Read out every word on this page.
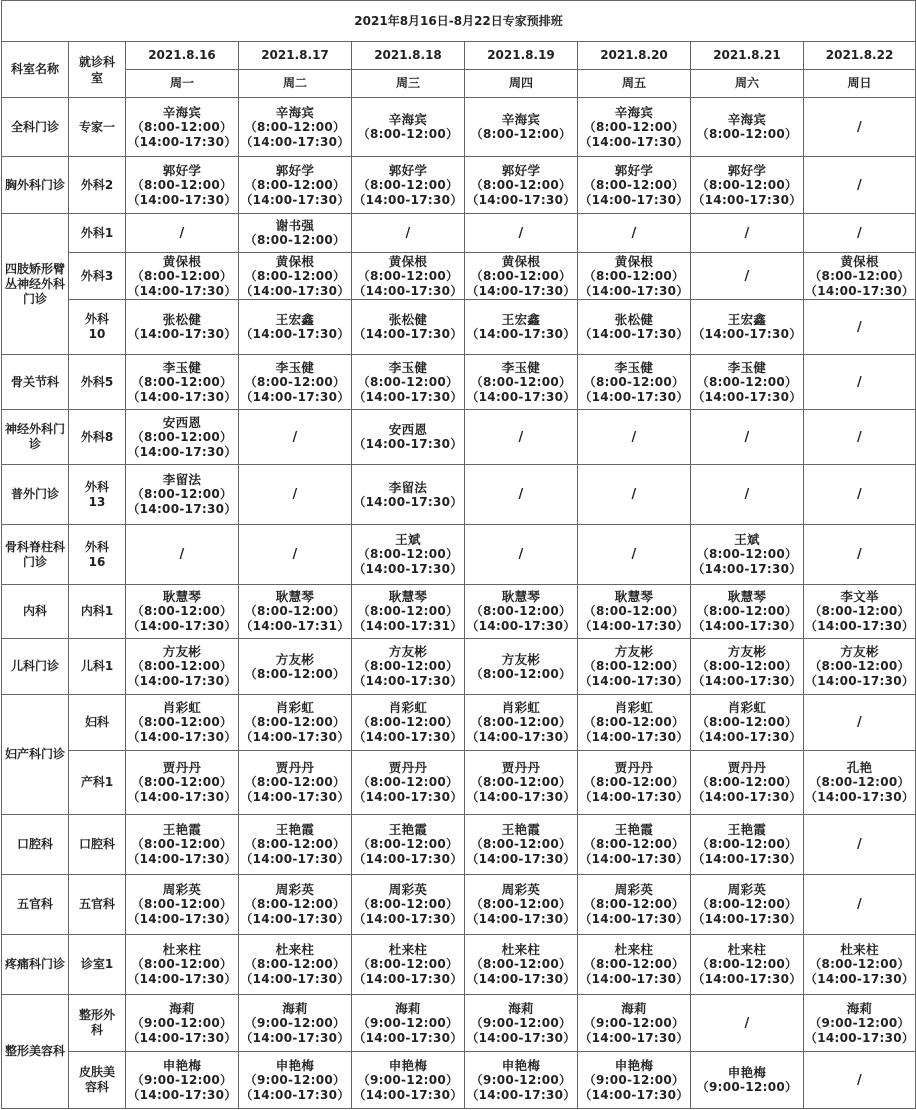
2021年8月16日-8月22日专家预排班								
科室名称	就诊科室	2021.8.16	2021.8.17	2021.8.18	2021.8.19	2021.8.20	2021.8.21	2021.8.22
		周一	周二	周三	周四	周五	周六	周日
全科门诊	专家一	辛海宾
（8:00-12:00）
（14:00-17:30）	辛海宾
（8:00-12:00）
（14:00-17:30）	辛海宾
（8:00-12:00）	辛海宾
（8:00-12:00）	辛海宾
（8:00-12:00）
（14:00-17:30）	辛海宾
（8:00-12:00）	/

胸外科门诊	外科2	郭好学
（8:00-12:00）
（14:00-17:30）	郭好学
（8:00-12:00）
（14:00-17:30）	郭好学
（8:00-12:00）
（14:00-17:30）	郭好学
（8:00-12:00）
（14:00-17:30）	郭好学
（8:00-12:00）
（14:00-17:30）	郭好学
（8:00-12:00）
（14:00-17:30）	/

四肢矫形臂丛神经外科门诊	外科1	/	谢书强
（8:00-12:00）	/	/	/	/	/

	外科3	黄保根
（8:00-12:00）
（14:00-17:30）	黄保根
（8:00-12:00）
（14:00-17:30）	黄保根
（8:00-12:00）
（14:00-17:30）	黄保根
（8:00-12:00）
（14:00-17:30）	黄保根
（8:00-12:00）
（14:00-17:30）	/	黄保根
（8:00-12:00）
（14:00-17:30）

	外科10	张松健
（14:00-17:30）	王宏鑫
（14:00-17:30）	张松健
（14:00-17:30）	王宏鑫
（14:00-17:30）	张松健
（14:00-17:30）	王宏鑫
（14:00-17:30）	/

骨关节科	外科5	李玉健
（8:00-12:00）
（14:00-17:30）	李玉健
（8:00-12:00）
（14:00-17:30）	李玉健
（8:00-12:00）
（14:00-17:30）	李玉健
（8:00-12:00）
（14:00-17:30）	李玉健
（8:00-12:00）
（14:00-17:30）	李玉健
（8:00-12:00）
（14:00-17:30）	/

神经外科门诊	外科8	安西恩
（8:00-12:00）
（14:00-17:30）	/	安西恩
（14:00-17:30）	/	/	/	/

普外门诊	外科13	李留法
（8:00-12:00）
（14:00-17:30）	/	李留法
（14:00-17:30）	/	/	/	/

骨科脊柱科门诊	外科16	/	/	王斌
（8:00-12:00）
（14:00-17:30）	/	/	王斌
（8:00-12:00）
（14:00-17:30）	/

内科	内科1	耿慧琴
（8:00-12:00）
（14:00-17:30）	耿慧琴
（8:00-12:00）
（14:00-17:31）	耿慧琴
（8:00-12:00）
（14:00-17:31）	耿慧琴
（8:00-12:00）
（14:00-17:30）	耿慧琴
（8:00-12:00）
（14:00-17:30）	耿慧琴
（8:00-12:00）
（14:00-17:30）	李文举
（8:00-12:00）
（14:00-17:30）

儿科门诊	儿科1	方友彬
（8:00-12:00）
（14:00-17:30）	方友彬
（8:00-12:00）	方友彬
（8:00-12:00）
（14:00-17:30）	方友彬
（8:00-12:00）	方友彬
（8:00-12:00）
（14:00-17:30）	方友彬
（8:00-12:00）
（14:00-17:30）	方友彬
（8:00-12:00）
（14:00-17:30）

妇产科门诊	妇科	肖彩虹
（8:00-12:00）
（14:00-17:30）	肖彩虹
（8:00-12:00）
（14:00-17:30）	肖彩虹
（8:00-12:00）
（14:00-17:30）	肖彩虹
（8:00-12:00）
（14:00-17:30）	肖彩虹
（8:00-12:00）
（14:00-17:30）	肖彩虹
（8:00-12:00）
（14:00-17:30）	/

	产科1	贾丹丹
（8:00-12:00）
（14:00-17:30）	贾丹丹
（8:00-12:00）
（14:00-17:30）	贾丹丹
（8:00-12:00）
（14:00-17:30）	贾丹丹
（8:00-12:00）
（14:00-17:30）	贾丹丹
（8:00-12:00）
（14:00-17:30）	贾丹丹
（8:00-12:00）
（14:00-17:30）	孔艳
（8:00-12:00）
（14:00-17:30）

口腔科	口腔科	王艳霞
（8:00-12:00）
（14:00-17:30）	王艳霞
（8:00-12:00）
（14:00-17:30）	王艳霞
（8:00-12:00）
（14:00-17:30）	王艳霞
（8:00-12:00）
（14:00-17:30）	王艳霞
（8:00-12:00）
（14:00-17:30）	王艳霞
（8:00-12:00）
（14:00-17:30）	/

五官科	五官科	周彩英
（8:00-12:00）
（14:00-17:30）	周彩英
（8:00-12:00）
（14:00-17:30）	周彩英
（8:00-12:00）
（14:00-17:30）	周彩英
（8:00-12:00）
（14:00-17:30）	周彩英
（8:00-12:00）
（14:00-17:30）	周彩英
（8:00-12:00）
（14:00-17:30）	/

疼痛科门诊	诊室1	杜来柱
（8:00-12:00）
（14:00-17:30）	杜来柱
（8:00-12:00）
（14:00-17:30）	杜来柱
（8:00-12:00）
（14:00-17:30）	杜来柱
（8:00-12:00）
（14:00-17:30）	杜来柱
（8:00-12:00）
（14:00-17:30）	杜来柱
（8:00-12:00）
（14:00-17:30）	杜来柱
（8:00-12:00）
（14:00-17:30）

整形美容科	整形外科	海莉
（9:00-12:00）
（14:00-17:30）	海莉
（9:00-12:00）
（14:00-17:30）	海莉
（9:00-12:00）
（14:00-17:30）	海莉
（9:00-12:00）
（14:00-17:30）	海莉
（9:00-12:00）
（14:00-17:30）	/	海莉
（9:00-12:00）
（14:00-17:30）

	皮肤美容科	申艳梅
（9:00-12:00）
（14:00-17:30）	申艳梅
（9:00-12:00）
（14:00-17:30）	申艳梅
（9:00-12:00）
（14:00-17:30）	申艳梅
（9:00-12:00）
（14:00-17:30）	申艳梅
（9:00-12:00）
（14:00-17:30）	申艳梅
（9:00-12:00）	/
